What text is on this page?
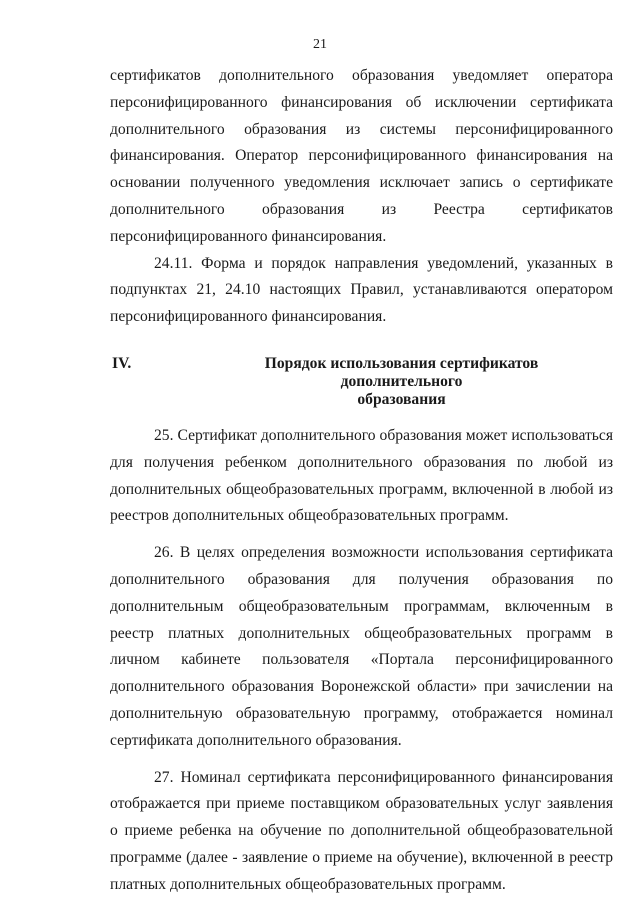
21

сертификатов дополнительного образования уведомляет оператора персонифицированного финансирования об исключении сертификата дополнительного образования из системы персонифицированного финансирования. Оператор персонифицированного финансирования на основании полученного уведомления исключает запись о сертификате дополнительного образования из Реестра сертификатов персонифицированного финансирования.

24.11. Форма и порядок направления уведомлений, указанных в подпунктах 21, 24.10 настоящих Правил, устанавливаются оператором персонифицированного финансирования.

IV.	Порядок использования сертификатов дополнительного
образования

25. Сертификат дополнительного образования может использоваться для получения ребенком дополнительного образования по любой из дополнительных общеобразовательных программ, включенной в любой из реестров дополнительных общеобразовательных программ.

26. В целях определения возможности использования сертификата дополнительного образования для получения образования по дополнительным общеобразовательным программам, включенным в реестр платных дополнительных общеобразовательных программ в личном кабинете пользователя «Портала персонифицированного дополнительного образования Воронежской области» при зачислении на дополнительную образовательную программу, отображается номинал сертификата дополнительного образования.

27. Номинал сертификата персонифицированного финансирования отображается при приеме поставщиком образовательных услуг заявления о приеме ребенка на обучение по дополнительной общеобразовательной программе (далее - заявление о приеме на обучение), включенной в реестр платных дополнительных общеобразовательных программ.
